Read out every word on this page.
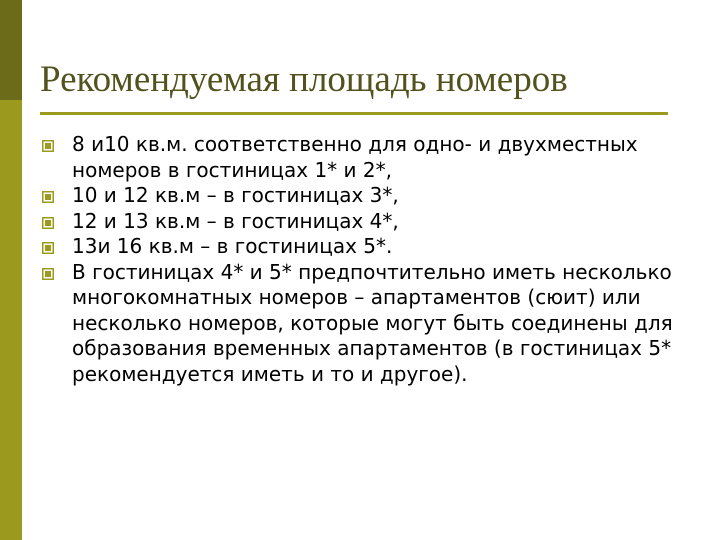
Рекомендуемая площадь номеров
8 и10 кв.м. соответственно для одно- и двухместных номеров в гостиницах 1* и 2*,
10 и 12 кв.м – в гостиницах 3*,
12 и 13 кв.м – в гостиницах 4*,
13и 16 кв.м – в гостиницах 5*.
В гостиницах 4* и 5* предпочтительно иметь несколько многокомнатных номеров – апартаментов (сюит) или несколько номеров, которые могут быть соединены для образования временных апартаментов (в гостиницах 5* рекомендуется иметь и то и другое).
